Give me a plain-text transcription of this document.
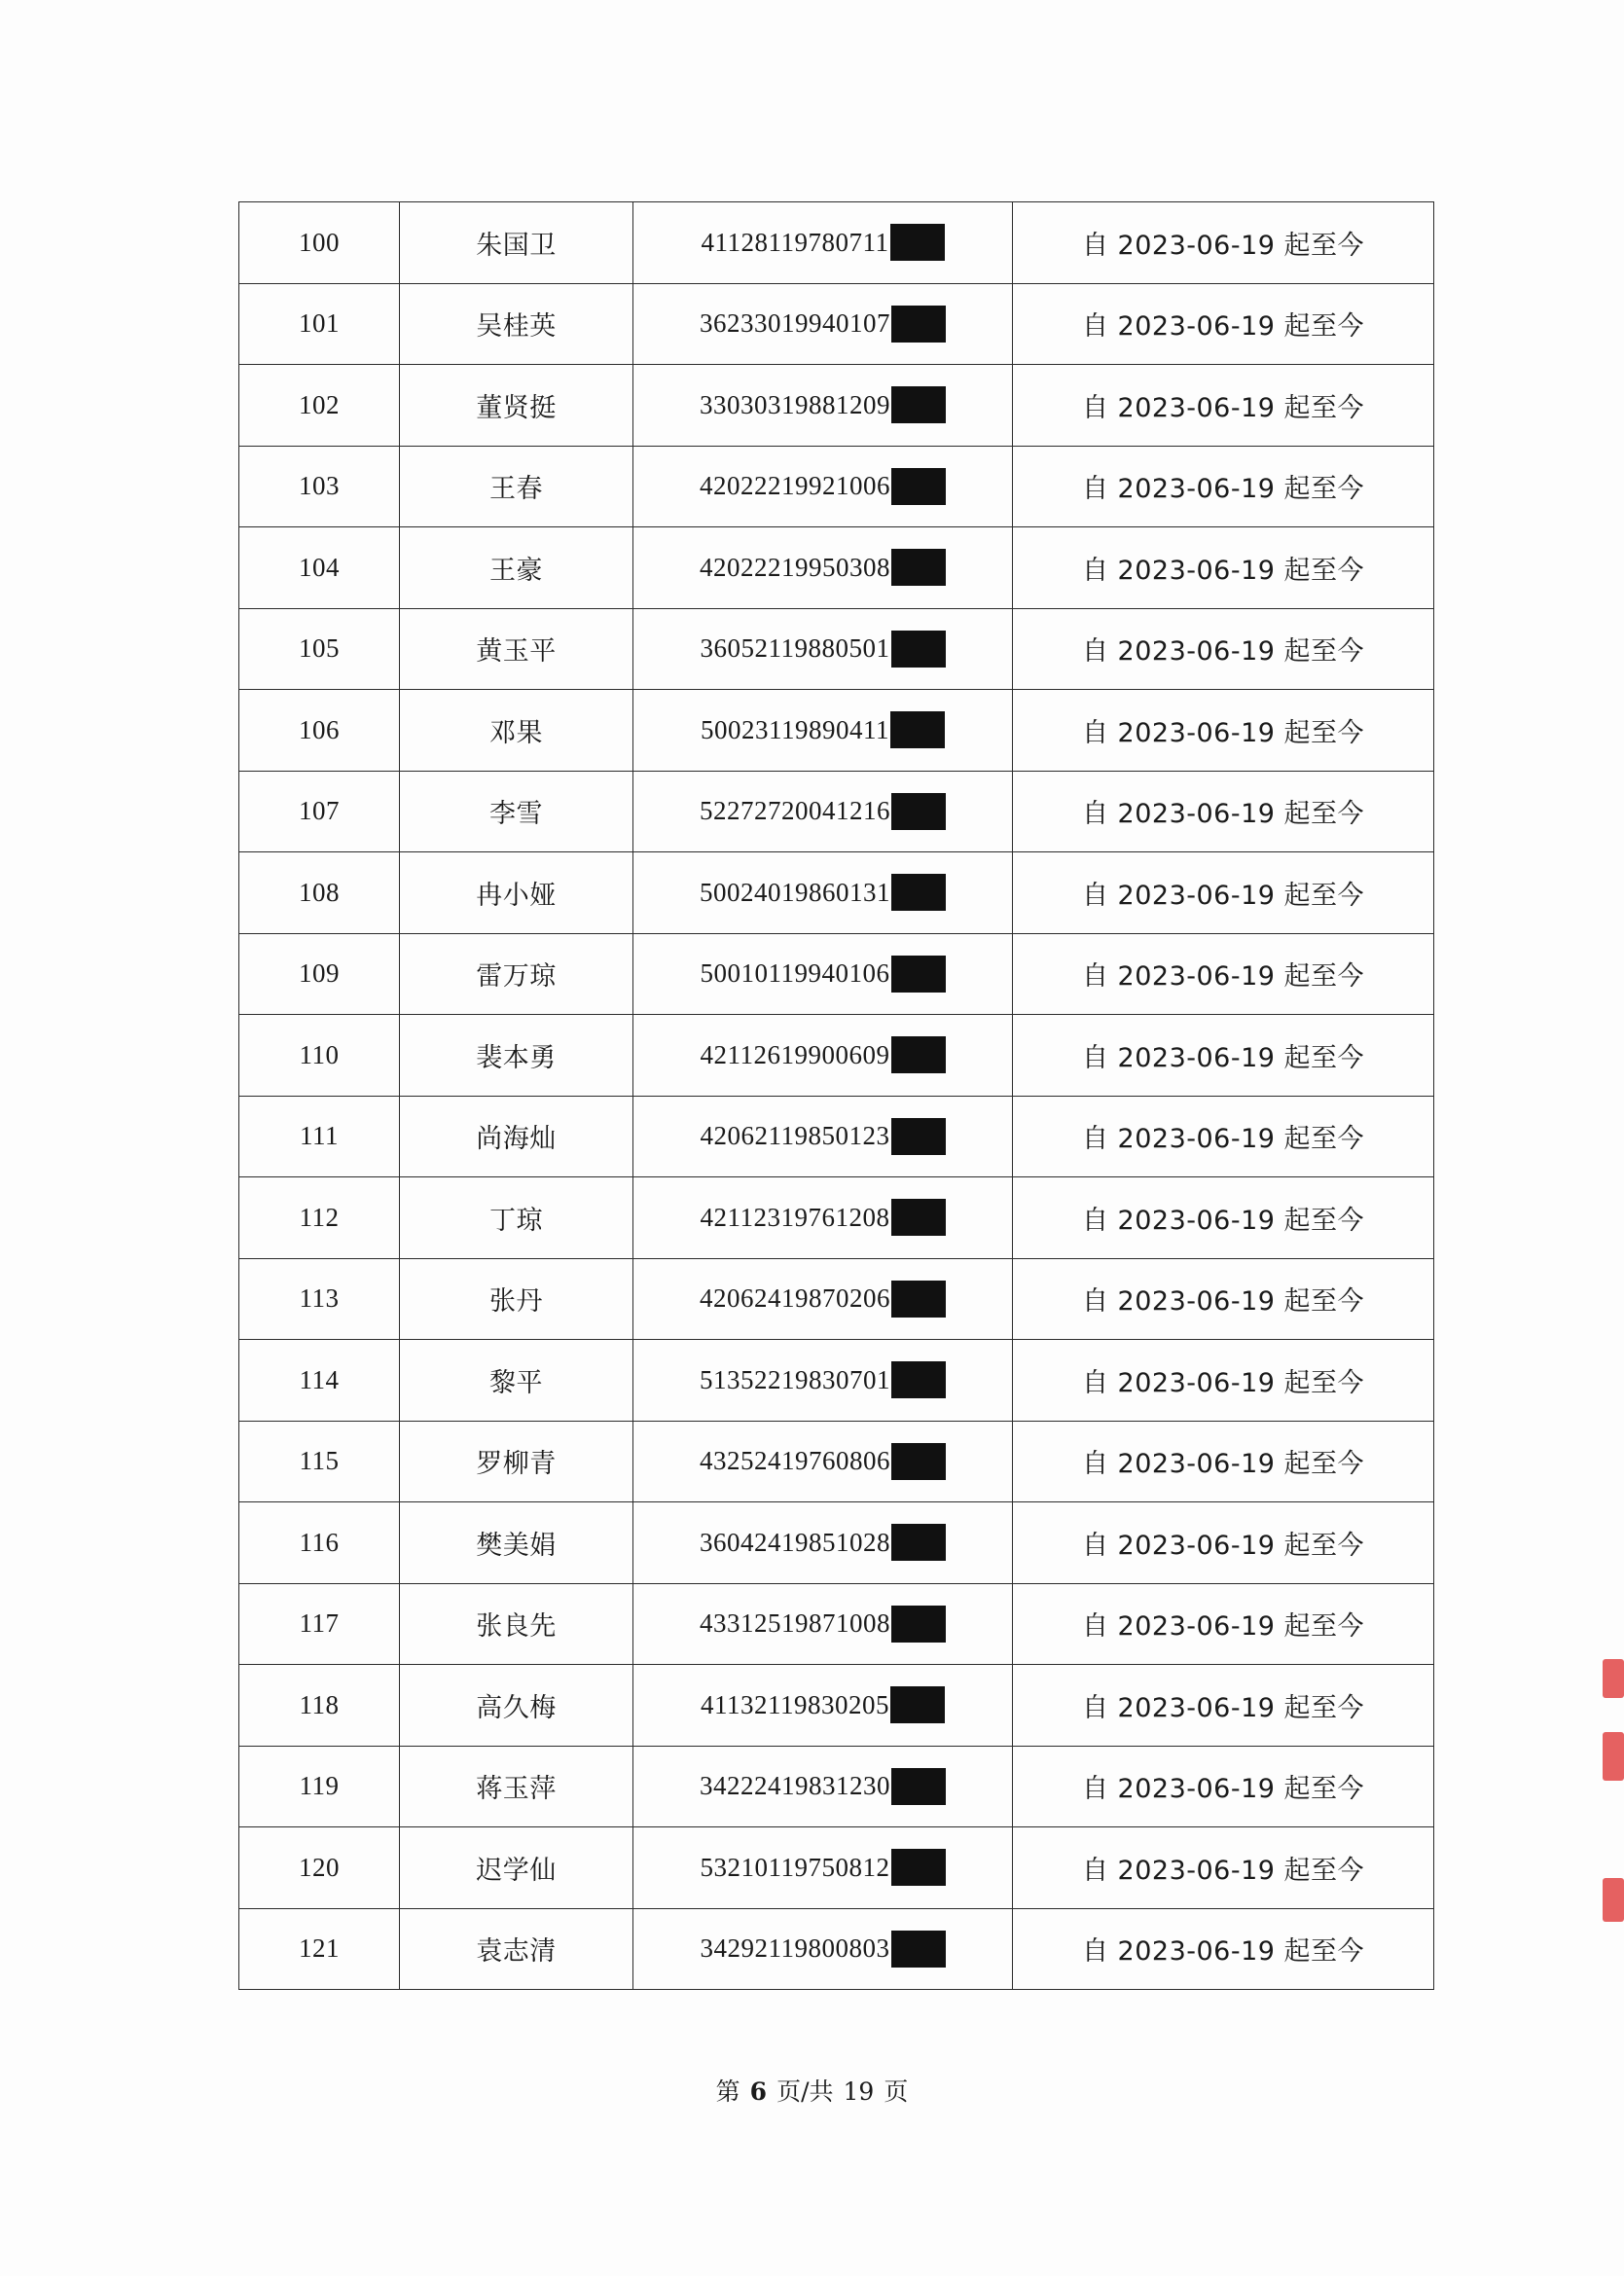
100	朱国卫	41128119780711	自 2023-06-19 起至今
101	吴桂英	36233019940107	自 2023-06-19 起至今
102	董贤挺	33030319881209	自 2023-06-19 起至今
103	王春	42022219921006	自 2023-06-19 起至今
104	王豪	42022219950308	自 2023-06-19 起至今
105	黄玉平	36052119880501	自 2023-06-19 起至今
106	邓果	50023119890411	自 2023-06-19 起至今
107	李雪	52272720041216	自 2023-06-19 起至今
108	冉小娅	50024019860131	自 2023-06-19 起至今
109	雷万琼	50010119940106	自 2023-06-19 起至今
110	裴本勇	42112619900609	自 2023-06-19 起至今
111	尚海灿	42062119850123	自 2023-06-19 起至今
112	丁琼	42112319761208	自 2023-06-19 起至今
113	张丹	42062419870206	自 2023-06-19 起至今
114	黎平	51352219830701	自 2023-06-19 起至今
115	罗柳青	43252419760806	自 2023-06-19 起至今
116	樊美娟	36042419851028	自 2023-06-19 起至今
117	张良先	43312519871008	自 2023-06-19 起至今
118	高久梅	41132119830205	自 2023-06-19 起至今
119	蒋玉萍	34222419831230	自 2023-06-19 起至今
120	迟学仙	53210119750812	自 2023-06-19 起至今
121	袁志清	34292119800803	自 2023-06-19 起至今
第 6 页/共 19 页
